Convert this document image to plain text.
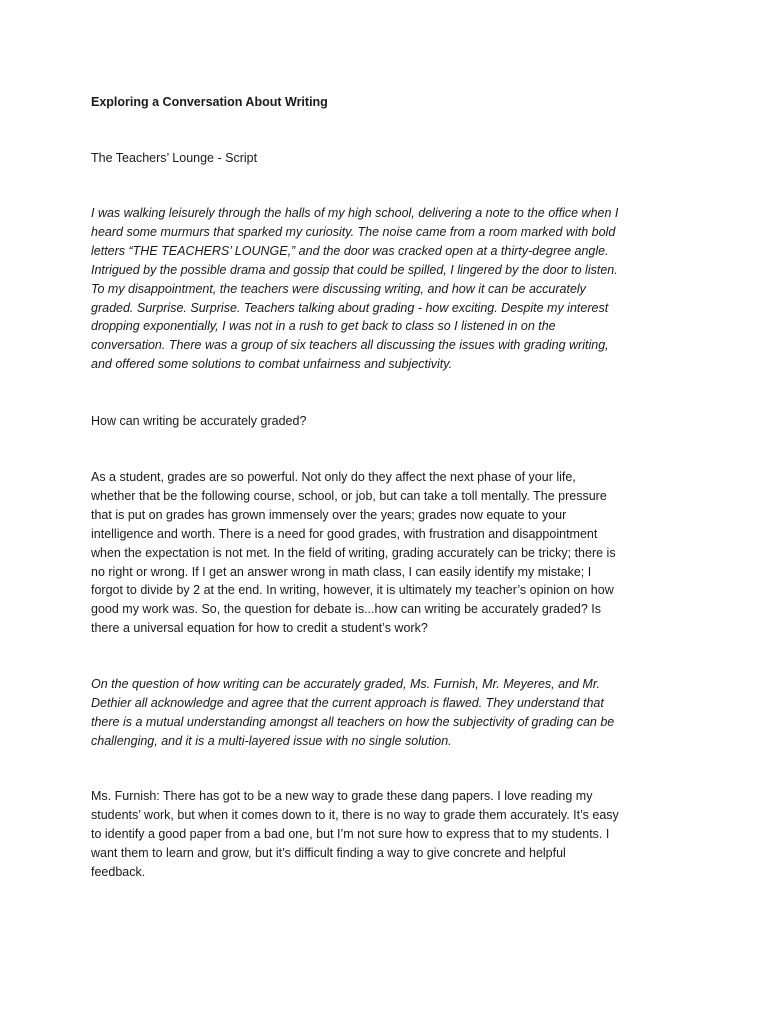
Exploring a Conversation About Writing

The Teachers’ Lounge - Script

I was walking leisurely through the halls of my high school, delivering a note to the office when I
heard some murmurs that sparked my curiosity. The noise came from a room marked with bold
letters “THE TEACHERS’ LOUNGE,” and the door was cracked open at a thirty-degree angle.
Intrigued by the possible drama and gossip that could be spilled, I lingered by the door to listen.
To my disappointment, the teachers were discussing writing, and how it can be accurately
graded. Surprise. Surprise. Teachers talking about grading - how exciting. Despite my interest
dropping exponentially, I was not in a rush to get back to class so I listened in on the
conversation. There was a group of six teachers all discussing the issues with grading writing,
and offered some solutions to combat unfairness and subjectivity.

How can writing be accurately graded?

As a student, grades are so powerful. Not only do they affect the next phase of your life,
whether that be the following course, school, or job, but can take a toll mentally. The pressure
that is put on grades has grown immensely over the years; grades now equate to your
intelligence and worth. There is a need for good grades, with frustration and disappointment
when the expectation is not met. In the field of writing, grading accurately can be tricky; there is
no right or wrong. If I get an answer wrong in math class, I can easily identify my mistake; I
forgot to divide by 2 at the end. In writing, however, it is ultimately my teacher’s opinion on how
good my work was. So, the question for debate is...how can writing be accurately graded? Is
there a universal equation for how to credit a student’s work?

On the question of how writing can be accurately graded, Ms. Furnish, Mr. Meyeres, and Mr.
Dethier all acknowledge and agree that the current approach is flawed. They understand that
there is a mutual understanding amongst all teachers on how the subjectivity of grading can be
challenging, and it is a multi-layered issue with no single solution.

Ms. Furnish: There has got to be a new way to grade these dang papers. I love reading my
students’ work, but when it comes down to it, there is no way to grade them accurately. It’s easy
to identify a good paper from a bad one, but I’m not sure how to express that to my students. I
want them to learn and grow, but it’s difficult finding a way to give concrete and helpful
feedback.
